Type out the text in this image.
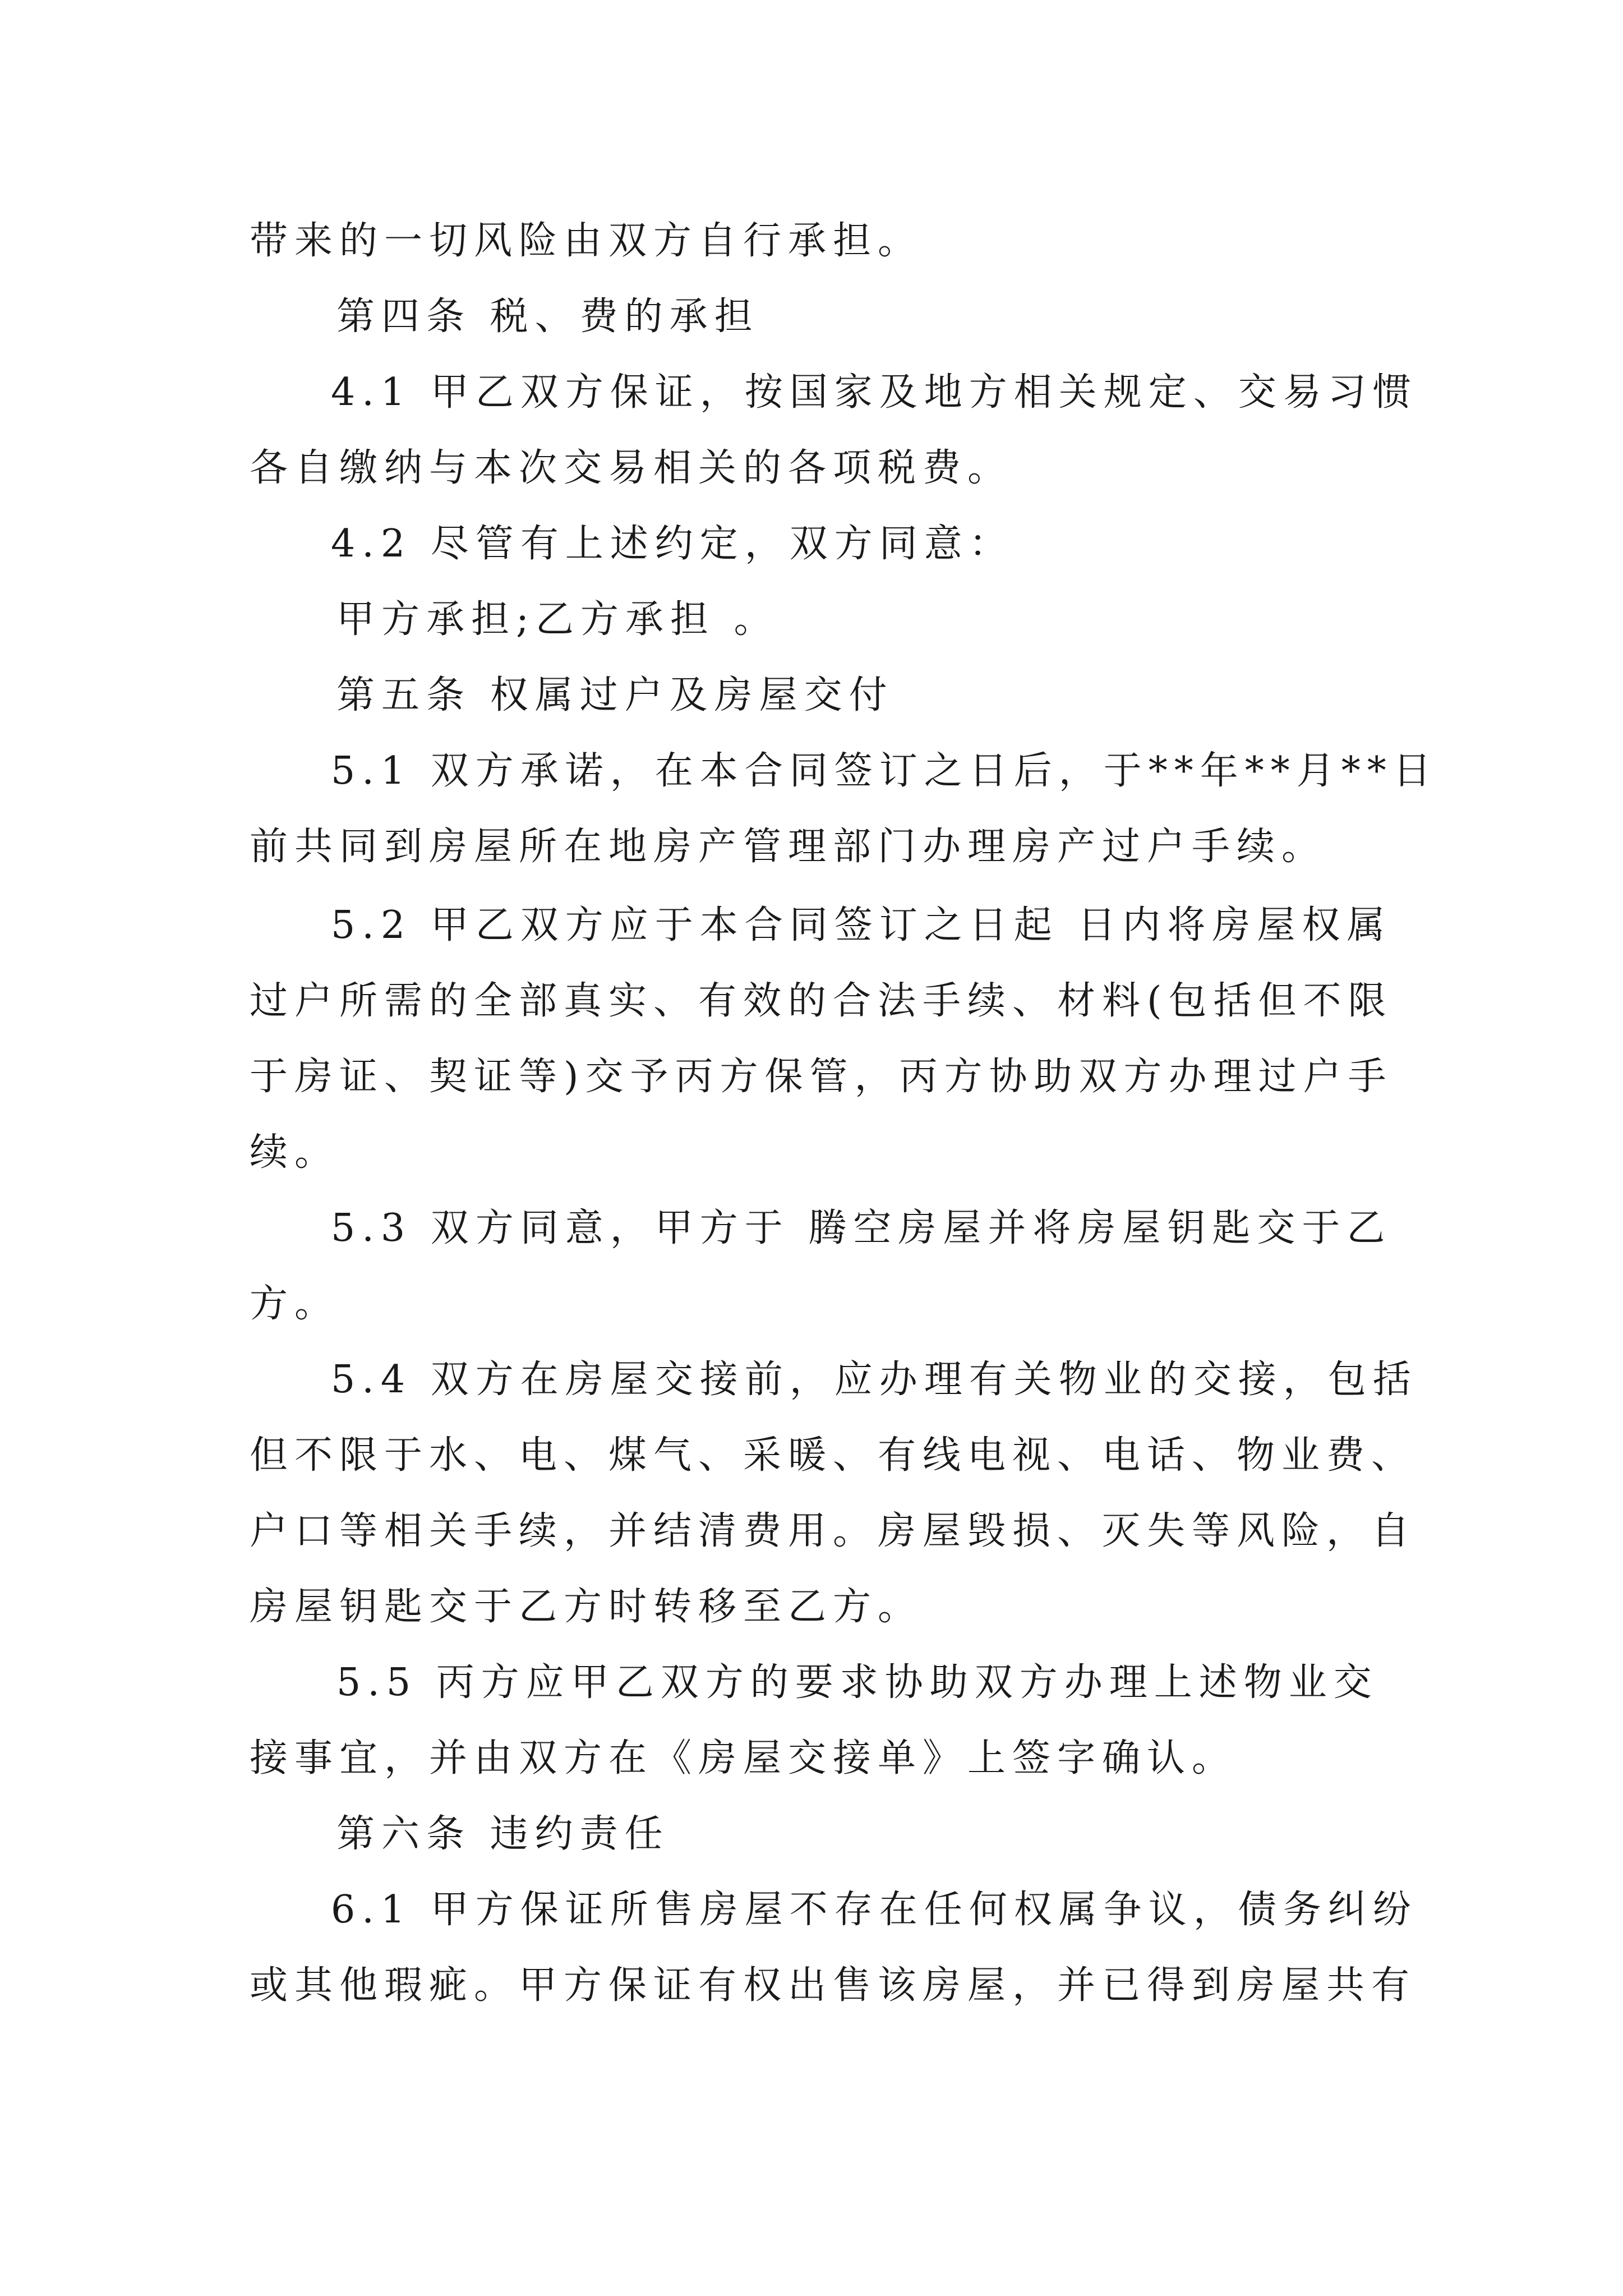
带来的一切风险由双方自行承担。
第四条 税、费的承担
4.1 甲乙双方保证，按国家及地方相关规定、交易习惯
各自缴纳与本次交易相关的各项税费。
4.2 尽管有上述约定，双方同意：
甲方承担;乙方承担 。
第五条 权属过户及房屋交付
5.1 双方承诺，在本合同签订之日后，于**年**月**日
前共同到房屋所在地房产管理部门办理房产过户手续。
5.2 甲乙双方应于本合同签订之日起 日内将房屋权属
过户所需的全部真实、有效的合法手续、材料(包括但不限
于房证、契证等)交予丙方保管，丙方协助双方办理过户手
续。
5.3 双方同意，甲方于 腾空房屋并将房屋钥匙交于乙
方。
5.4 双方在房屋交接前，应办理有关物业的交接，包括
但不限于水、电、煤气、采暖、有线电视、电话、物业费、
户口等相关手续，并结清费用。房屋毁损、灭失等风险，自
房屋钥匙交于乙方时转移至乙方。
5.5 丙方应甲乙双方的要求协助双方办理上述物业交
接事宜，并由双方在《房屋交接单》上签字确认。
第六条 违约责任
6.1 甲方保证所售房屋不存在任何权属争议，债务纠纷
或其他瑕疵。甲方保证有权出售该房屋，并已得到房屋共有
